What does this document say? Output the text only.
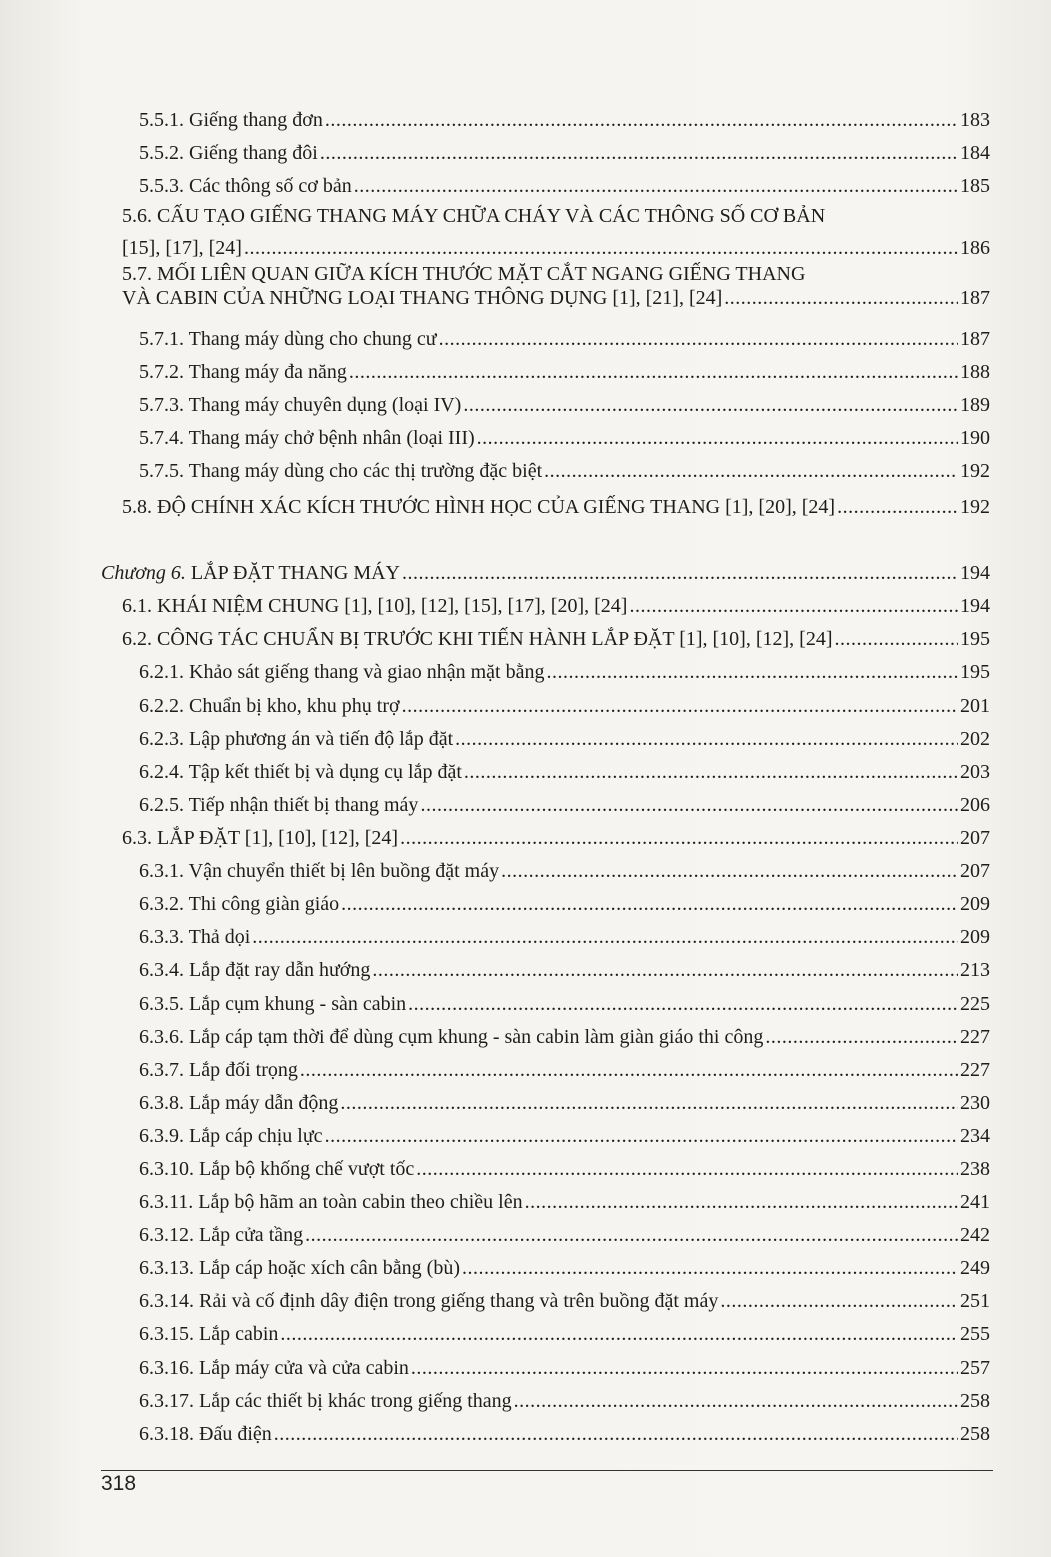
5.5.1. Giếng thang đơn .....	183
5.5.2. Giếng thang đôi .....	184
5.5.3. Các thông số cơ bản .....	185
5.6. CẤU TẠO GIẾNG THANG MÁY CHỮA CHÁY VÀ CÁC THÔNG SỐ CƠ BẢN
[15], [17], [24] .....	186
5.7. MỐI LIÊN QUAN GIỮA KÍCH THƯỚC MẶT CẮT NGANG GIẾNG THANG
VÀ CABIN CỦA NHỮNG LOẠI THANG THÔNG DỤNG [1], [21], [24] .....	187
5.7.1. Thang máy dùng cho chung cư .....	187
5.7.2. Thang máy đa năng .....	188
5.7.3. Thang máy chuyên dụng (loại IV) .....	189
5.7.4. Thang máy chở bệnh nhân (loại III) .....	190
5.7.5. Thang máy dùng cho các thị trường đặc biệt .....	192
5.8. ĐỘ CHÍNH XÁC KÍCH THƯỚC HÌNH HỌC CỦA GIẾNG THANG [1], [20], [24] .....	192
Chương 6. LẮP ĐẶT THANG MÁY .....	194
6.1. KHÁI NIỆM CHUNG [1], [10], [12], [15], [17], [20], [24] .....	194
6.2. CÔNG TÁC CHUẨN BỊ TRƯỚC KHI TIẾN HÀNH LẮP ĐẶT [1], [10], [12], [24] .....	195
6.2.1. Khảo sát giếng thang và giao nhận mặt bằng .....	195
6.2.2. Chuẩn bị kho, khu phụ trợ .....	201
6.2.3. Lập phương án và tiến độ lắp đặt .....	202
6.2.4. Tập kết thiết bị và dụng cụ lắp đặt .....	203
6.2.5. Tiếp nhận thiết bị thang máy .....	206
6.3. LẮP ĐẶT [1], [10], [12], [24] .....	207
6.3.1. Vận chuyển thiết bị lên buồng đặt máy .....	207
6.3.2. Thi công giàn giáo .....	209
6.3.3. Thả dọi .....	209
6.3.4. Lắp đặt ray dẫn hướng .....	213
6.3.5. Lắp cụm khung - sàn cabin .....	225
6.3.6. Lắp cáp tạm thời để dùng cụm khung - sàn cabin làm giàn giáo thi công .....	227
6.3.7. Lắp đối trọng .....	227
6.3.8. Lắp máy dẫn động .....	230
6.3.9. Lắp cáp chịu lực .....	234
6.3.10. Lắp bộ khống chế vượt tốc .....	238
6.3.11. Lắp bộ hãm an toàn cabin theo chiều lên .....	241
6.3.12. Lắp cửa tầng .....	242
6.3.13. Lắp cáp hoặc xích cân bằng (bù) .....	249
6.3.14. Rải và cố định dây điện trong giếng thang và trên buồng đặt máy .....	251
6.3.15. Lắp cabin .....	255
6.3.16. Lắp máy cửa và cửa cabin .....	257
6.3.17. Lắp các thiết bị khác trong giếng thang .....	258
6.3.18. Đấu điện .....	258
318
